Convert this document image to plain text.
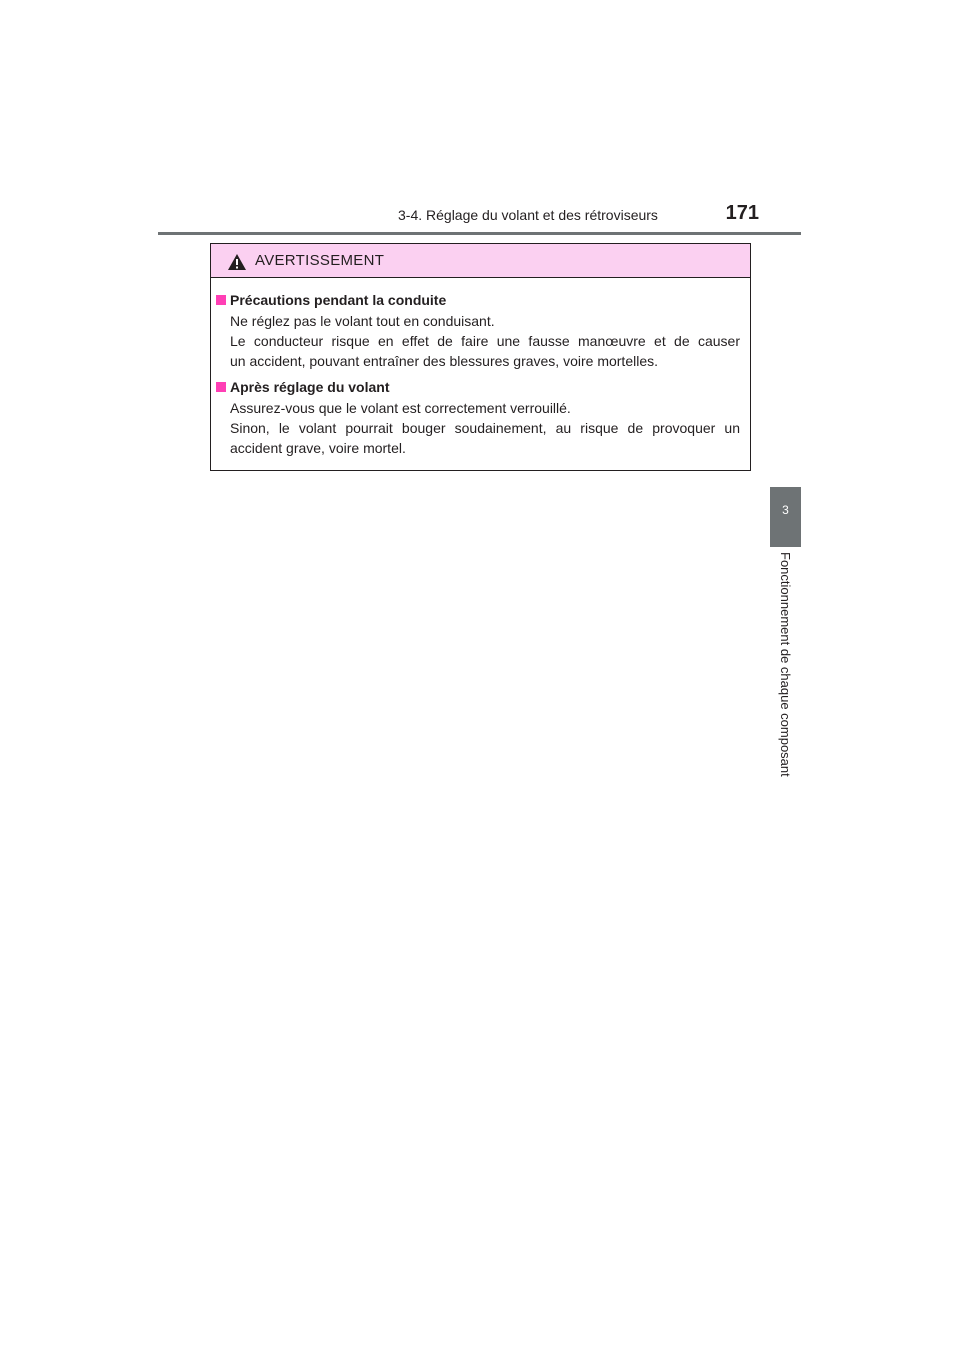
3-4. Réglage du volant et des rétroviseurs	171
3
Fonctionnement de chaque composant
AVERTISSEMENT
Précautions pendant la conduite
Ne réglez pas le volant tout en conduisant.
Le conducteur risque en effet de faire une fausse manœuvre et de causer
un accident, pouvant entraîner des blessures graves, voire mortelles.
Après réglage du volant
Assurez-vous que le volant est correctement verrouillé.
Sinon, le volant pourrait bouger soudainement, au risque de provoquer un
accident grave, voire mortel.
